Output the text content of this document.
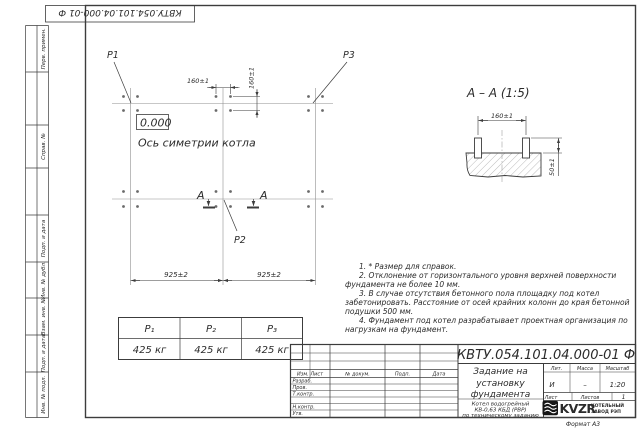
КВТУ.054.101.04.000-01 Ф
Перв. примен.
Справ. №
Подп. и дата
Инв. № дубл.
Взам. инв. №
Подп. и дата
Инв. № подл.
P1	P3
P2
0.000
Ось симетрии котла
160±1	160±1
А	А
925±2	925±2
А – А (1:5)
160±1
50±1
P₁	P₂	P₃
425 кг	425 кг	425 кг	КВТУ.054.101.04.000-01 Ф
Изм. Лист	№ докум.	Подп.	Дата
Разраб.
Пров.
Т.контр.
Н.контр.
Утв.
Задание на
установку
фундамента
Котел водогрейный
КВ-0,63 КБД (РВР)
по техническому заданию
Лит.	Масса	Масштаб
И	–	1:20
Лист	Листов	1
Формат А3
KVZR
КОТЕЛЬНЫЙ
ЗАВОД РЭП

1. * Размер для справок.

2. Отклонение от горизонтального уровня верхней поверхности фундамента не более 10 мм.

3. В случае отсутствия бетонного пола площадку под котел забетонировать. Расстояние от осей крайних колонн до края бетонной подушки 500 мм.

4. Фундамент под котел разрабатывает проектная организация по нагрузкам на фундамент.
